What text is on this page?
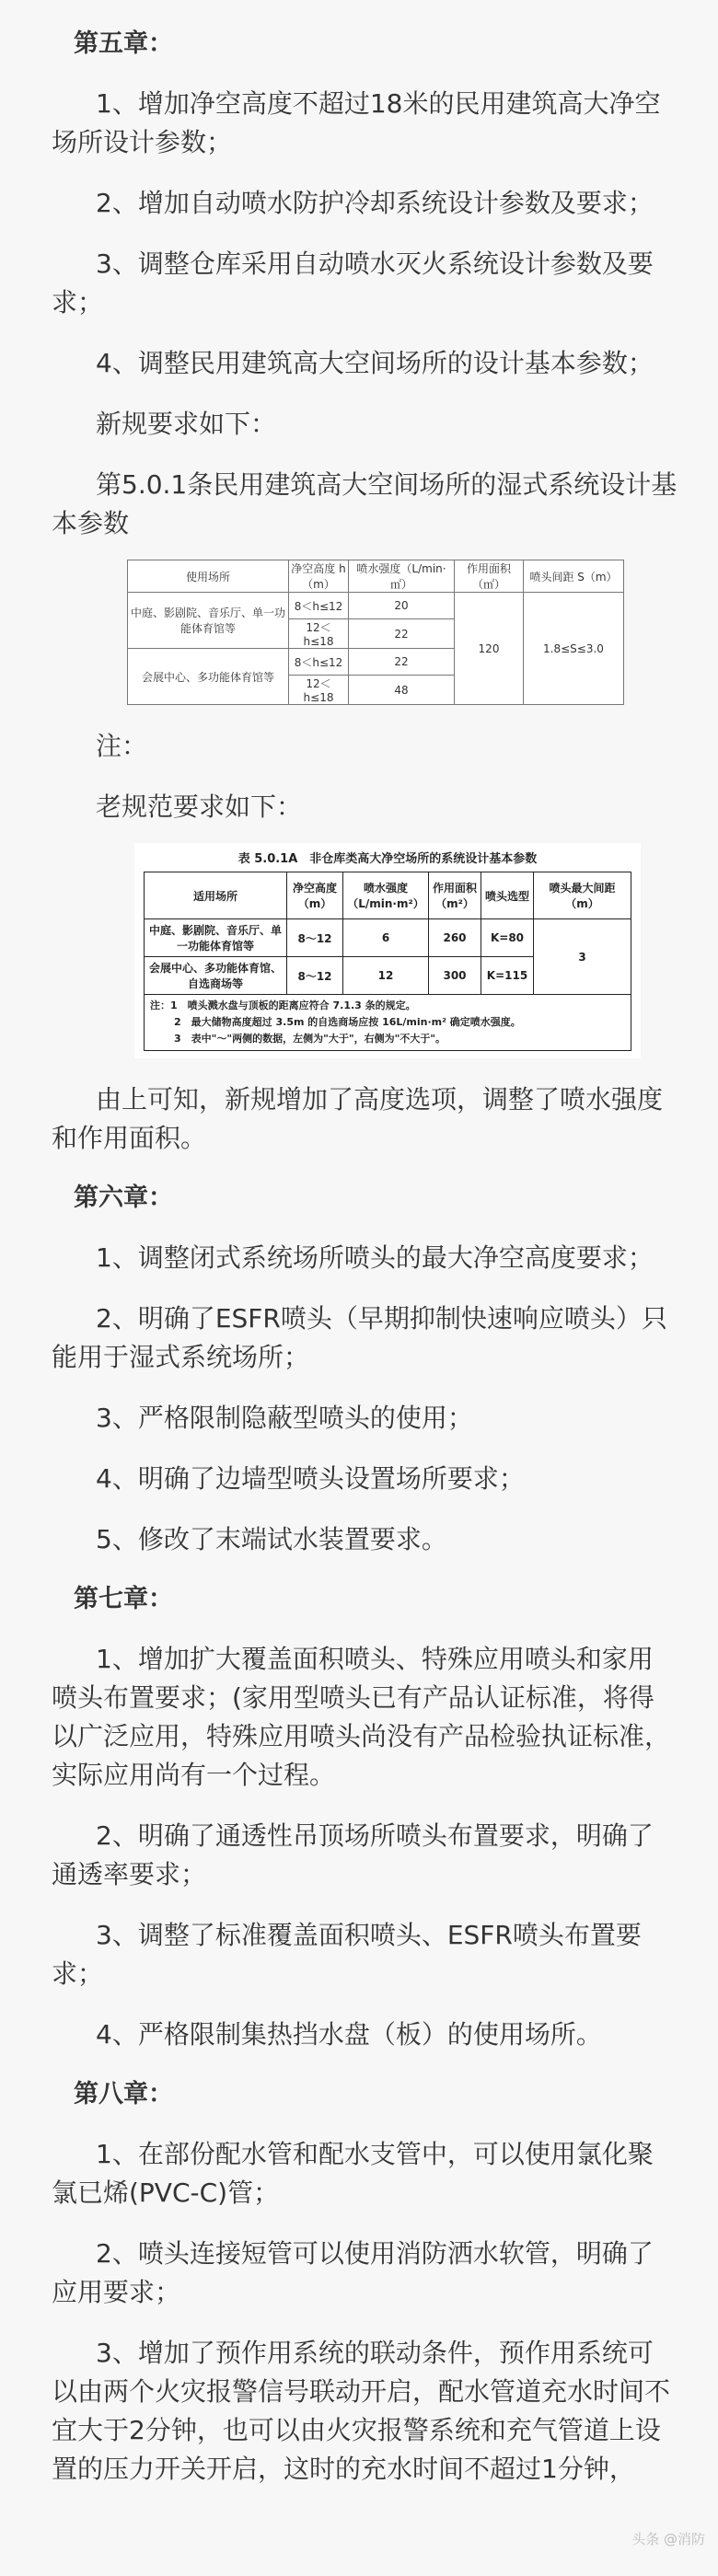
第五章：

1、增加净空高度不超过18米的民用建筑高大净空场所设计参数；

2、增加自动喷水防护冷却系统设计参数及要求；

3、调整仓库采用自动喷水灭火系统设计参数及要求；

4、调整民用建筑高大空间场所的设计基本参数；

新规要求如下：

第5.0.1条民用建筑高大空间场所的湿式系统设计基本参数

使用场所	净空高度 h（m）	喷水强度（L/min·㎡）	作用面积（㎡）	喷头间距 S（m）
中庭、影剧院、音乐厅、单一功能体育馆等	8＜h≤12	20	120	1.8≤S≤3.0
	12＜h≤18	22		
会展中心、多功能体育馆等	8＜h≤12	22		
	12＜h≤18	48		

注：

老规范要求如下：

表 5.0.1A　非仓库类高大净空场所的系统设计基本参数
适用场所	净空高度（m）	喷水强度（L/min·m²）	作用面积（m²）	喷头选型	喷头最大间距（m）
中庭、影剧院、音乐厅、单一功能体育馆等	8～12	6	260	K=80	3
会展中心、多功能体育馆、自选商场等	8～12	12	300	K=115	

注：1　喷头溅水盘与顶板的距离应符合 7.1.3 条的规定。
2　最大储物高度超过 3.5m 的自选商场应按 16L/min·m² 确定喷水强度。
3　表中"～"两侧的数据，左侧为"大于"，右侧为"不大于"。					

由上可知，新规增加了高度选项，调整了喷水强度和作用面积。

第六章：

1、调整闭式系统场所喷头的最大净空高度要求；

2、明确了ESFR喷头（早期抑制快速响应喷头）只能用于湿式系统场所；

3、严格限制隐蔽型喷头的使用；

4、明确了边墙型喷头设置场所要求；

5、修改了末端试水装置要求。

第七章：

1、增加扩大覆盖面积喷头、特殊应用喷头和家用喷头布置要求；(家用型喷头已有产品认证标准，将得以广泛应用，特殊应用喷头尚没有产品检验执证标准，实际应用尚有一个过程。

2、明确了通透性吊顶场所喷头布置要求，明确了通透率要求；

3、调整了标准覆盖面积喷头、ESFR喷头布置要求；

4、严格限制集热挡水盘（板）的使用场所。

第八章：

1、在部份配水管和配水支管中，可以使用氯化聚氯已烯(PVC-C)管；

2、喷头连接短管可以使用消防洒水软管，明确了应用要求；

3、增加了预作用系统的联动条件，预作用系统可以由两个火灾报警信号联动开启，配水管道充水时间不宜大于2分钟，也可以由火灾报警系统和充气管道上设置的压力开关开启，这时的充水时间不超过1分钟，

头条 @消防
